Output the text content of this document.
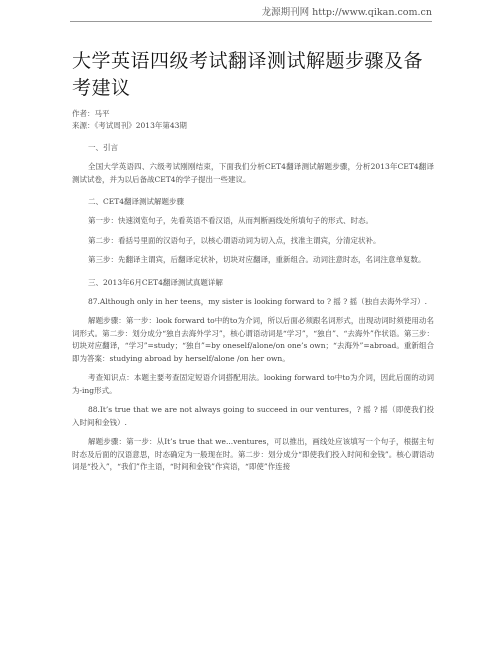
龙源期刊网 http://www.qikan.com.cn
大学英语四级考试翻译测试解题步骤及备考建议
作者：马平
来源：《考试周刊》2013年第43期
一、引言
全国大学英语四、六级考试刚刚结束，下面我们分析CET4翻译测试解题步骤，分析2013年CET4翻译测试试卷，并为以后备战CET4的学子提出一些建议。
二、CET4翻译测试解题步骤
第一步：快速浏览句子，先看英语不看汉语，从而判断画线处所填句子的形式、时态。
第二步：看括号里面的汉语句子，以核心谓语动词为切入点，找准主谓宾，分清定状补。
第三步：先翻译主谓宾，后翻译定状补，切块对应翻译，重新组合。动词注意时态，名词注意单复数。
三、2013年6月CET4翻译测试真题详解
87.Although only in her teens，my sister is looking forward to ? 摇 ? 摇（独自去海外学习）.
解题步骤：第一步：look forward to中的to为介词，所以后面必须跟名词形式，出现动词时须使用动名词形式。第二步：划分成分“独自去海外学习”，核心谓语动词是“学习”，“独自”、“去海外”作状语。第三步：切块对应翻译，“学习”=study；“独自”=by oneself/alone/on one’s own；“去海外”=abroad。重新组合即为答案：studying abroad by herself/alone /on her own。
考查知识点：本题主要考查固定短语介词搭配用法。looking forward to中to为介词，因此后面的动词为-ing形式。
88.It’s true that we are not always going to succeed in our ventures，? 摇 ? 摇（即使我们投入时间和金钱）.
解题步骤：第一步：从It’s true that we...ventures，可以推出，画线处应该填写一个句子，根据主句时态及后面的汉语意思，时态确定为一般现在时。第二步：划分成分“即使我们投入时间和金钱”。核心谓语动词是“投入”，“我们”作主语，“时间和金钱”作宾语，“即使”作连接
